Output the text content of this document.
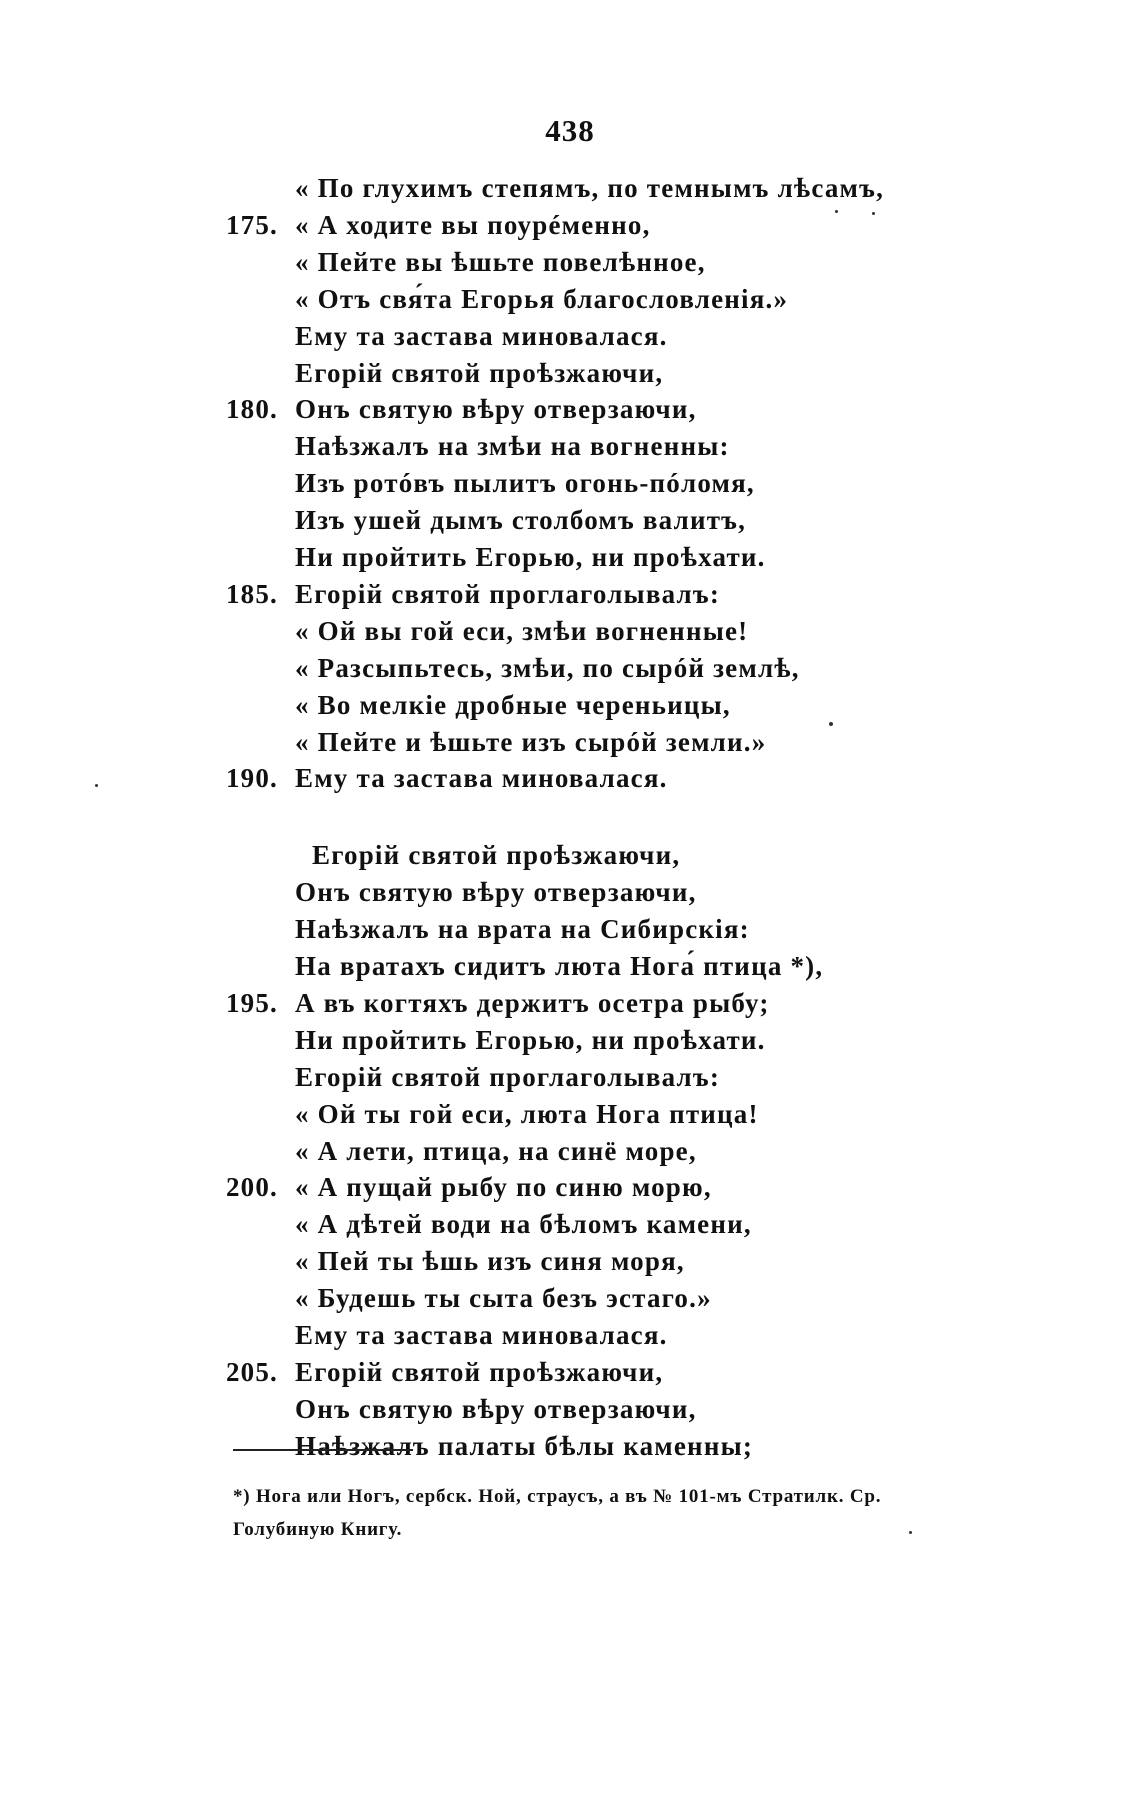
438
« По глухимъ степямъ, по темнымъ лѣсамъ,
175. « А ходите вы поурéменно,
« Пейте вы ѣшьте повелѣнное,
« Отъ свя́та Егорья благословленія.»
Ему та застава миновалася.
Егорій святой проѣзжаючи,
180. Онъ святую вѣру отверзаючи,
Наѣзжалъ на змѣи на вогненны:
Изъ ротóвъ пылитъ огонь-пóломя,
Изъ ушей дымъ столбомъ валитъ,
Ни пройтить Егорью, ни проѣхати.
185. Егорій святой проглаголывалъ:
« Ой вы гой еси, змѣи вогненные!
« Разсыпьтесь, змѣи, по сырóй землѣ,
« Во мелкіе дробные череньицы,
« Пейте и ѣшьте изъ сырóй земли.»
190. Ему та застава миновалася.
Егорій святой проѣзжаючи,
Онъ святую вѣру отверзаючи,
Наѣзжалъ на врата на Сибирскія:
На вратахъ сидитъ люта Нога́ птица *),
195. А въ когтяхъ держитъ осетра рыбу;
Ни пройтить Егорью, ни проѣхати.
Егорій святой проглаголывалъ:
« Ой ты гой еси, люта Нога птица!
« А лети, птица, на синё море,
200. « А пущай рыбу по синю морю,
« А дѣтей води на бѣломъ камени,
« Пей ты ѣшь изъ синя моря,
« Будешь ты сыта безъ эстаго.»
Ему та застава миновалася.
205. Егорій святой проѣзжаючи,
Онъ святую вѣру отверзаючи,
Наѣзжалъ палаты бѣлы каменны;
*) Нога или Ногъ, сербск. Ной, страусъ, а въ № 101-мъ Стратилк. Ср.
Голубиную Книгу.
